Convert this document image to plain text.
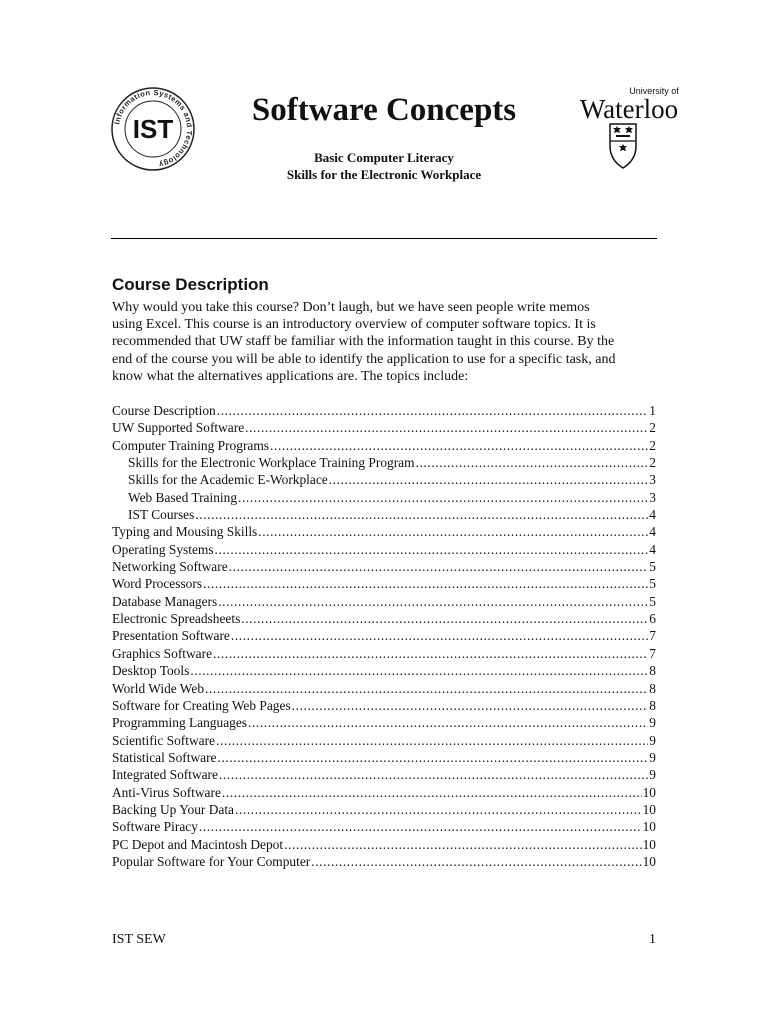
Information Systems and Technology
IST
Software Concepts
Basic Computer Literacy
Skills for the Electronic Workplace
University of
Waterloo
Course Description
Why would you take this course? Don’t laugh, but we have seen people write memos
using Excel. This course is an introductory overview of computer software topics. It is
recommended that UW staff be familiar with the information taught in this course. By the
end of the course you will be able to identify the application to use for a specific task, and
know what the alternatives applications are. The topics include:
Course Description .....	1
UW Supported Software .....	2
Computer Training Programs .....	2
Skills for the Electronic Workplace Training Program .....	2
Skills for the Academic E-Workplace .....	3
Web Based Training .....	3
IST Courses .....	4
Typing and Mousing Skills .....	4
Operating Systems .....	4
Networking Software .....	5
Word Processors .....	5
Database Managers .....	5
Electronic Spreadsheets .....	6
Presentation Software .....	7
Graphics Software .....	7
Desktop Tools .....	8
World Wide Web .....	8
Software for Creating Web Pages .....	8
Programming Languages .....	9
Scientific Software .....	9
Statistical Software .....	9
Integrated Software .....	9
Anti-Virus Software .....	10
Backing Up Your Data .....	10
Software Piracy .....	10
PC Depot and Macintosh Depot .....	10
Popular Software for Your Computer .....	10
IST SEW	1
